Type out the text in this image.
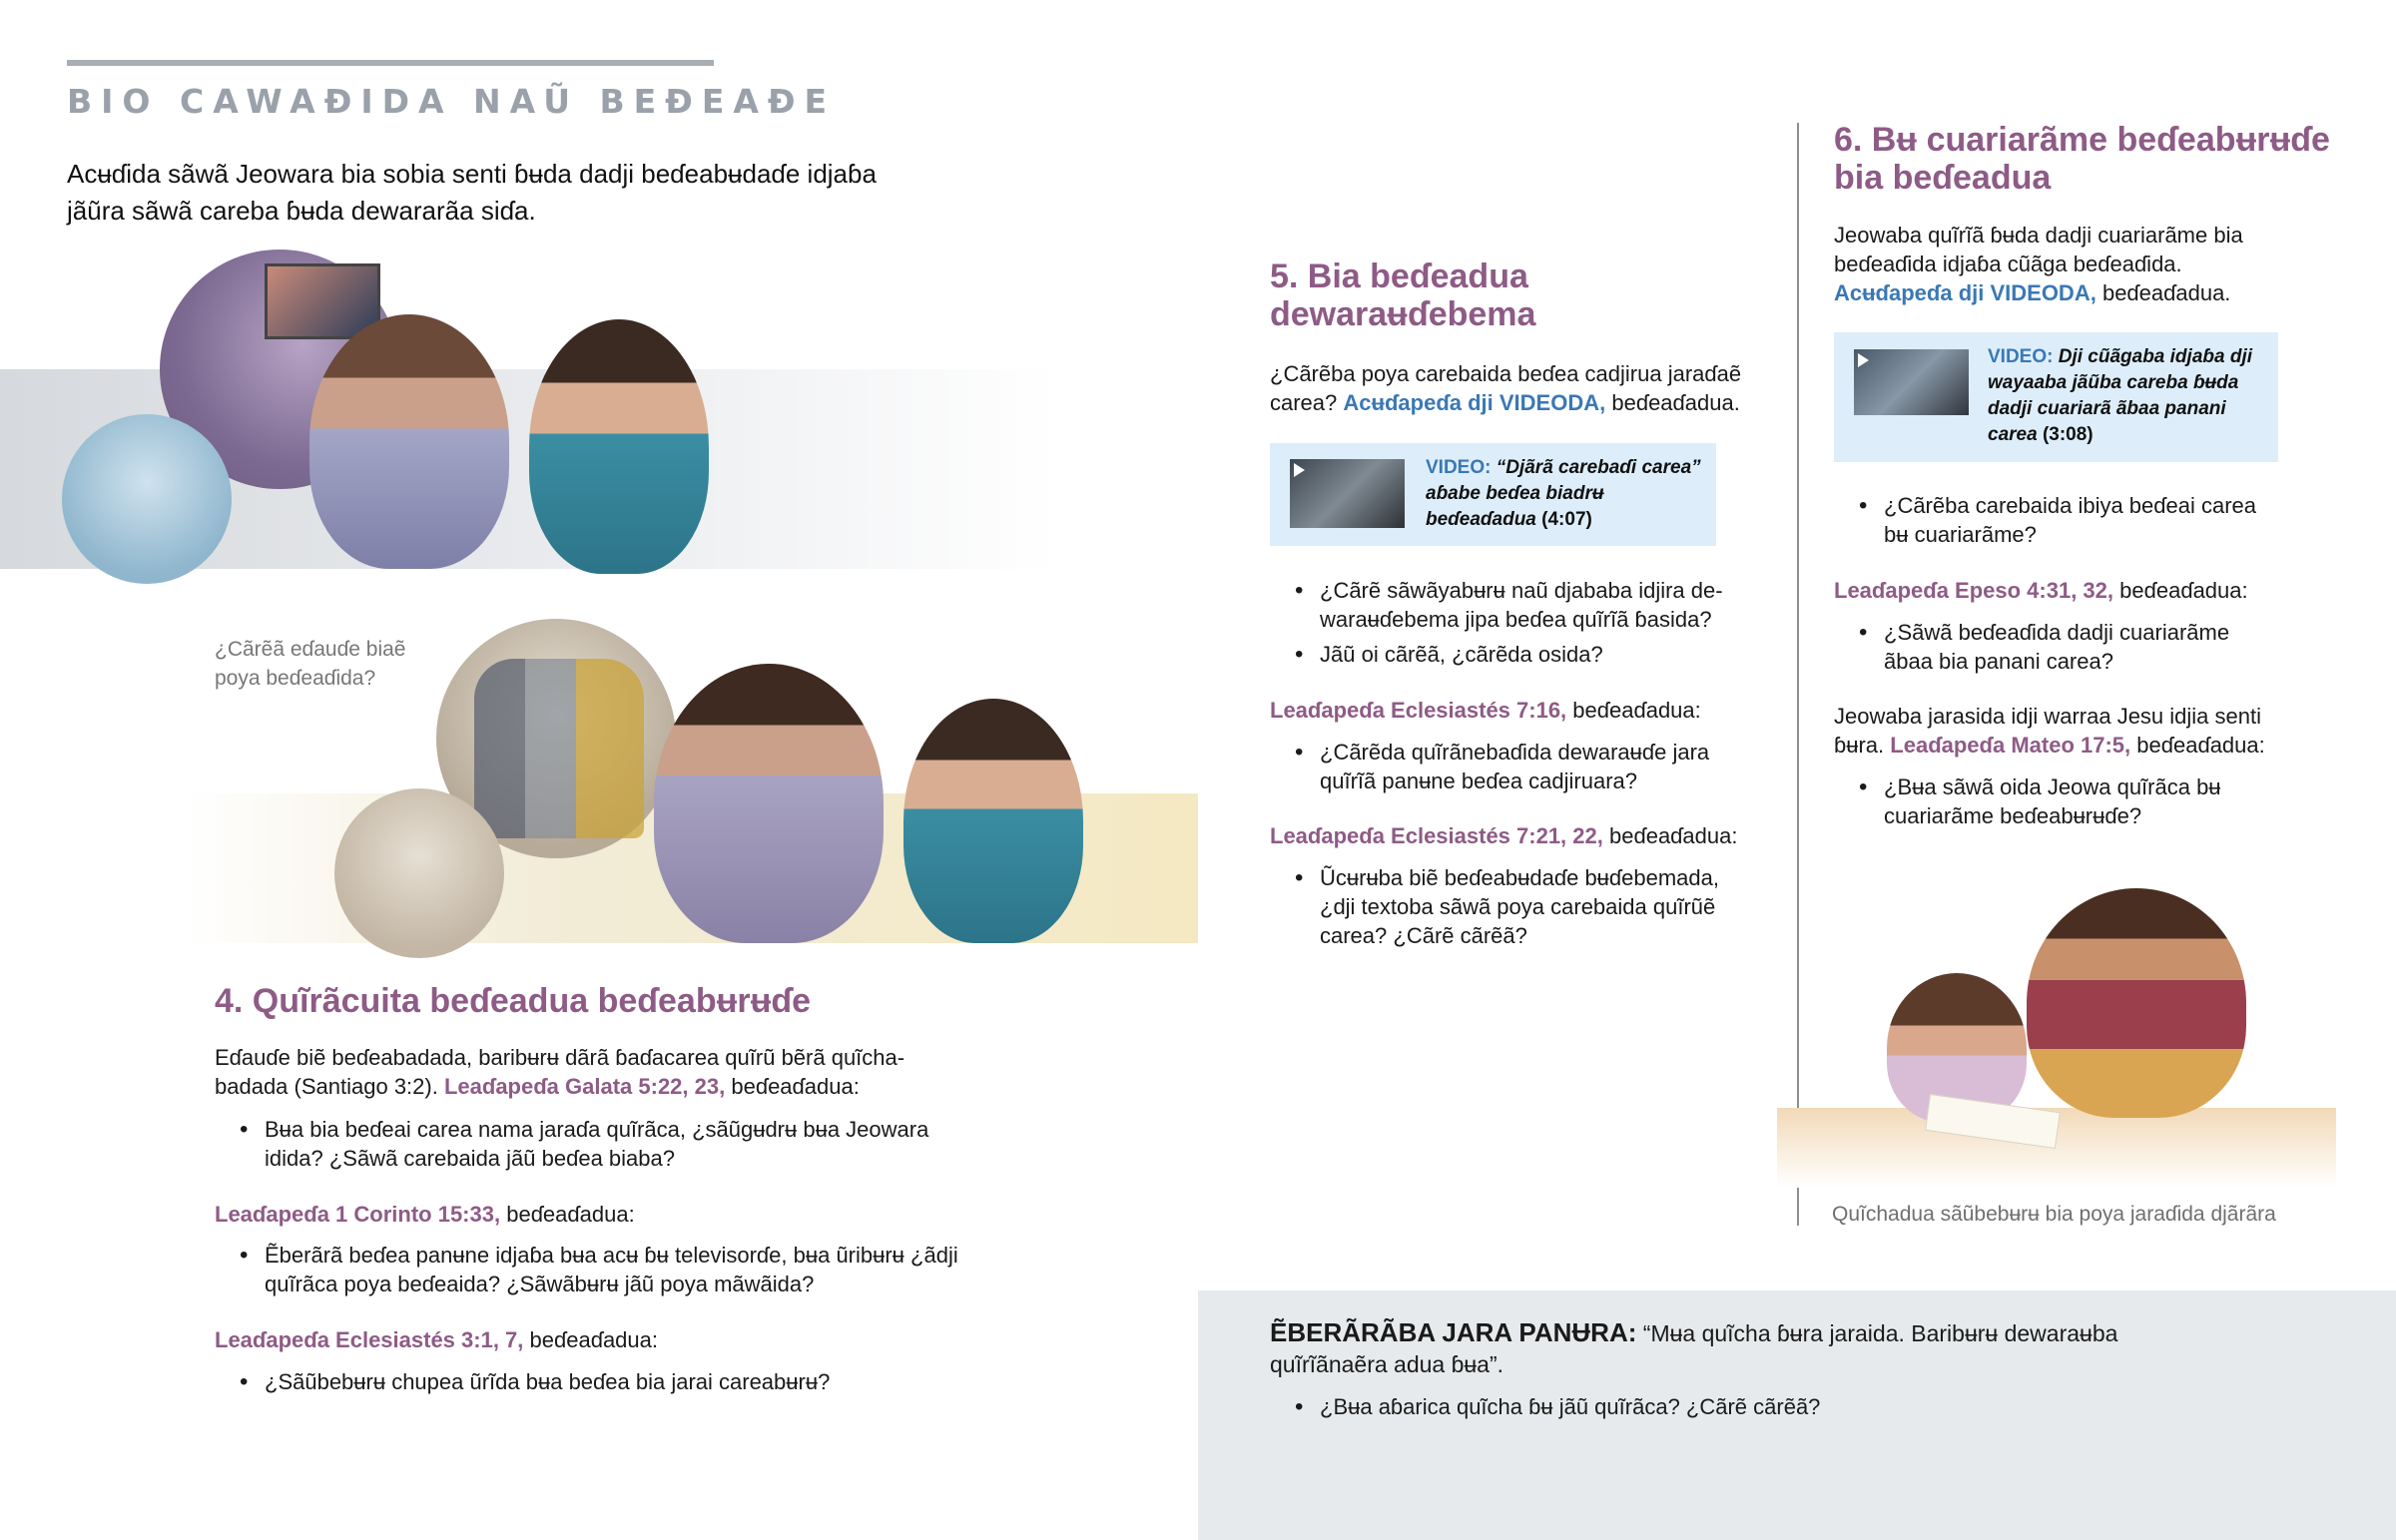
BIO CAWAƉIDA NAŨ BEƉEAƉE
Acʉɗida sãwã Jeowara bia sobia senti ɓʉda dadji beɗeabʉdaɗe idjaɓa jãũra sãwã careba ɓʉda dewararãa siɗa.
¿Cãrẽã eɗauɗe biaẽ poya beɗeaɗida?
4. Quĩrãcuita beɗeadua beɗeabʉrʉɗe
Eɗauɗe biẽ beɗeabadada, baribʉrʉ dãrã ɓaɗacarea quĩrũ bẽrã quĩcha-badada (Santiago 3:2). Leaɗapeɗa Galata 5:22, 23, beɗeaɗadua:
• Bʉa bia beɗeai carea nama jaraɗa quĩrãca, ¿sãũgʉdrʉ bʉa Jeowara idida? ¿Sãwã carebaida jãũ beɗea biaba?
Leaɗapeɗa 1 Corinto 15:33, beɗeaɗadua:
• Ẽberãrã beɗea panʉne idjaɓa bʉa acʉ ɓʉ televisorɗe, bʉa ũribʉrʉ ¿ãdji quĩrãca poya beɗeaida? ¿Sãwãbʉrʉ jãũ poya mãwãida?
Leaɗapeɗa Eclesiastés 3:1, 7, beɗeaɗadua:
• ¿Sãũbebʉrʉ chupea ũrĩda bʉa beɗea bia jarai careabʉrʉ?
5. Bia beɗeadua dewaraʉɗebema
¿Cãrẽba poya carebaida beɗea cadjirua jaraɗaẽ carea? Acʉɗapeɗa dji VIDEODA, beɗeaɗadua.
VIDEO: “Djãrã carebaɗi carea” aɓabe beɗea biadrʉ beɗeaɗadua (4:07)
• ¿Cãrẽ sãwãyabʉrʉ naũ djababa idjira de-waraʉɗebema jipa beɗea quĩrĩã ɓasida?
• Jãũ oi cãrẽã, ¿cãrẽda osida?
Leaɗapeɗa Eclesiastés 7:16, beɗeaɗadua:
• ¿Cãrẽda quĩrãnebaɗida dewaraʉɗe jara quĩrĩã panʉne beɗea cadjiruara?
Leaɗapeɗa Eclesiastés 7:21, 22, beɗeaɗadua:
• Ũcʉrʉba biẽ beɗeabʉdaɗe bʉɗebemada, ¿dji textoba sãwã poya carebaida quĩrũẽ carea? ¿Cãrẽ cãrẽã?
6. Bʉ cuariarãme beɗeabʉrʉɗe bia beɗeadua
Jeowaba quĩrĩã ɓʉda dadji cuariarãme bia beɗeaɗida idjaɓa cũãga beɗeaɗida. Acʉɗapeɗa dji VIDEODA, beɗeaɗadua.
VIDEO: Dji cũãgaba idjaɓa dji wayaaba jãũba careba ɓʉda dadji cuariarã ãbaa panani carea (3:08)
• ¿Cãrẽba carebaida ibiya beɗeai carea bʉ cuariarãme?
Leaɗapeɗa Epeso 4:31, 32, beɗeaɗadua:
• ¿Sãwã beɗeaɗida dadji cuariarãme ãbaa bia panani carea?
Jeowaba jarasida idji warraa Jesu idjia senti ɓʉra. Leaɗapeɗa Mateo 17:5, beɗeaɗadua:
• ¿Bʉa sãwã oida Jeowa quĩrãca bʉ cuariarãme beɗeabʉrʉɗe?
Quĩchadua sãũbebʉrʉ bia poya jaraɗida djãrãra
ẼBERÃRÃBA JARA PANɄRA: “Mʉa quĩcha ɓʉra jaraida. Baribʉrʉ dewaraʉba quĩrĩãnaẽra adua ɓʉa”.
• ¿Bʉa aɓarica quĩcha ɓʉ jãũ quĩrãca? ¿Cãrẽ cãrẽã?
